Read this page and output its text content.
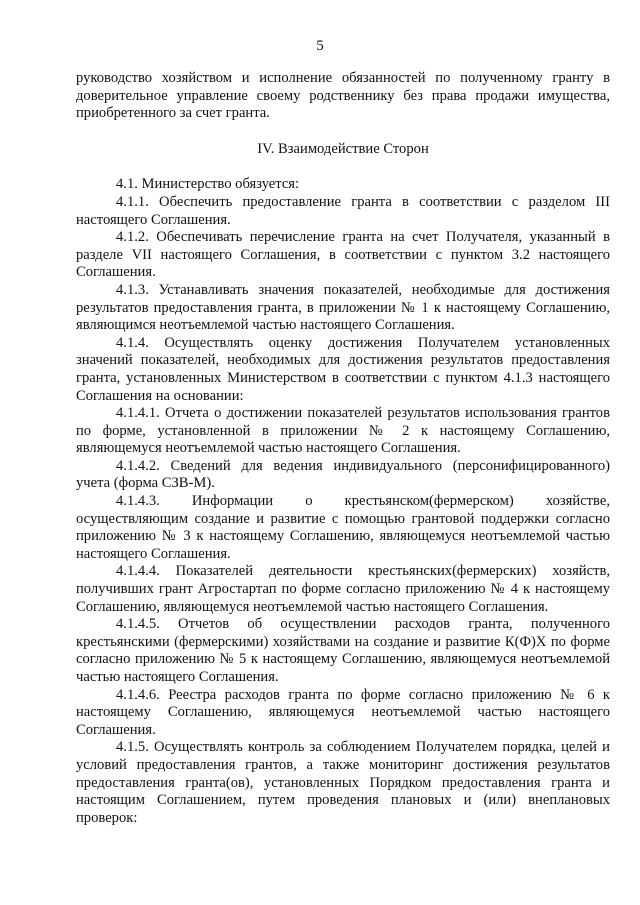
5

руководство хозяйством и исполнение обязанностей по полученному гранту в доверительное управление своему родственнику без права продажи имущества, приобретенного за счет гранта.

IV. Взаимодействие Сторон

4.1. Министерство обязуется:

4.1.1. Обеспечить предоставление гранта в соответствии с разделом III настоящего Соглашения.

4.1.2. Обеспечивать перечисление гранта на счет Получателя, указанный в разделе VII настоящего Соглашения, в соответствии с пунктом 3.2 настоящего Соглашения.

4.1.3. Устанавливать значения показателей, необходимые для достижения результатов предоставления гранта, в приложении № 1 к настоящему Соглашению, являющимся неотъемлемой частью настоящего Соглашения.

4.1.4. Осуществлять оценку достижения Получателем установленных значений показателей, необходимых для достижения результатов предоставления гранта, установленных Министерством в соответствии с пунктом 4.1.3 настоящего Соглашения на основании:

4.1.4.1. Отчета о достижении показателей результатов использования грантов по форме, установленной в приложении № 2 к настоящему Соглашению, являющемуся неотъемлемой частью настоящего Соглашения.

4.1.4.2. Сведений для ведения индивидуального (персонифицированного) учета (форма СЗВ-М).

4.1.4.3. Информации о крестьянском(фермерском) хозяйстве, осуществляющим создание и развитие с помощью грантовой поддержки согласно приложению № 3 к настоящему Соглашению, являющемуся неотъемлемой частью настоящего Соглашения.

4.1.4.4. Показателей деятельности крестьянских(фермерских) хозяйств, получивших грант Агростартап по форме согласно приложению № 4 к настоящему Соглашению, являющемуся неотъемлемой частью настоящего Соглашения.

4.1.4.5. Отчетов об осуществлении расходов гранта, полученного крестьянскими (фермерскими) хозяйствами на создание и развитие К(Ф)Х по форме согласно приложению № 5 к настоящему Соглашению, являющемуся неотъемлемой частью настоящего Соглашения.

4.1.4.6. Реестра расходов гранта по форме согласно приложению № 6 к настоящему Соглашению, являющемуся неотъемлемой частью настоящего Соглашения.

4.1.5. Осуществлять контроль за соблюдением Получателем порядка, целей и условий предоставления грантов, а также мониторинг достижения результатов предоставления гранта(ов), установленных Порядком предоставления гранта и настоящим Соглашением, путем проведения плановых и (или) внеплановых проверок:
